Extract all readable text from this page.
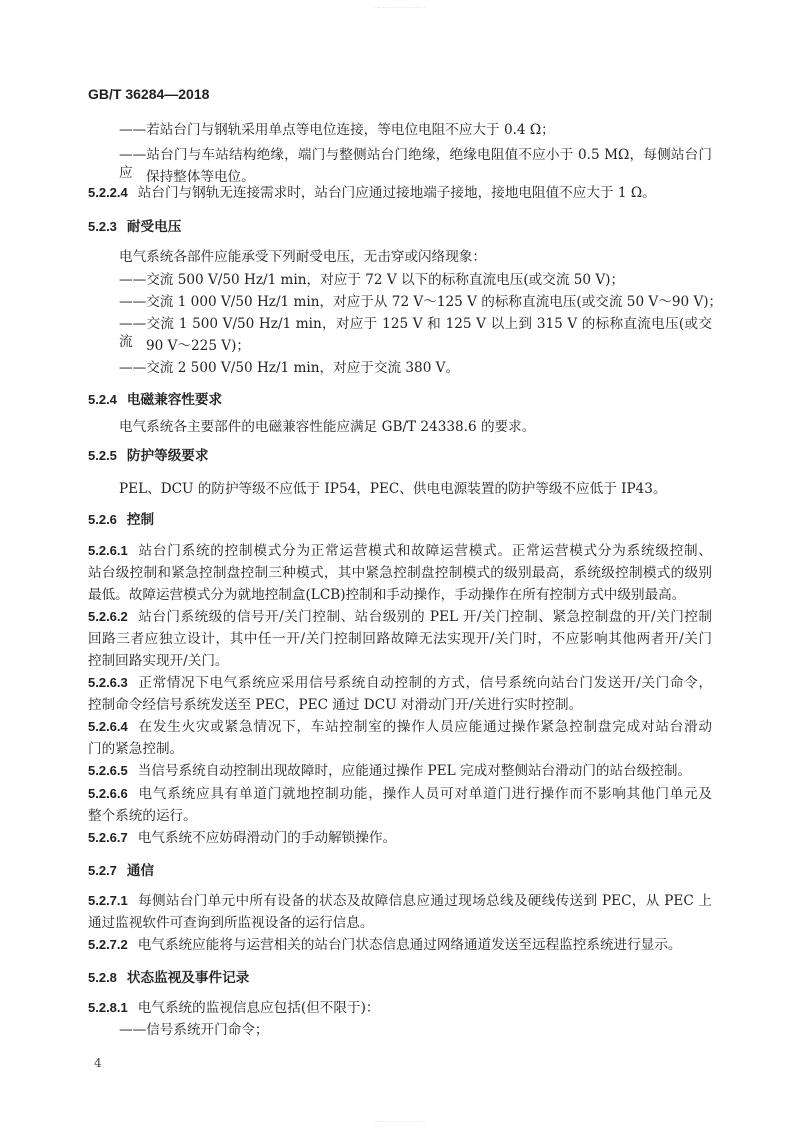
· · · · · · · · · · · · · · · · · · · ·
GB/T 36284—2018
——若站台门与钢轨采用单点等电位连接，等电位电阻不应大于 0.4 Ω；
——站台门与车站结构绝缘，端门与整侧站台门绝缘，绝缘电阻值不应小于 0.5 MΩ，每侧站台门应 保持整体等电位。
5.2.2.4 站台门与钢轨无连接需求时，站台门应通过接地端子接地，接地电阻值不应大于 1 Ω。
5.2.3 耐受电压
电气系统各部件应能承受下列耐受电压，无击穿或闪络现象：
——交流 500 V/50 Hz/1 min，对应于 72 V 以下的标称直流电压(或交流 50 V)；
——交流 1 000 V/50 Hz/1 min，对应于从 72 V～125 V 的标称直流电压(或交流 50 V～90 V)；
——交流 1 500 V/50 Hz/1 min，对应于 125 V 和 125 V 以上到 315 V 的标称直流电压(或交流 90 V～225 V)；
——交流 2 500 V/50 Hz/1 min，对应于交流 380 V。
5.2.4 电磁兼容性要求
电气系统各主要部件的电磁兼容性能应满足 GB/T 24338.6 的要求。
5.2.5 防护等级要求
PEL、DCU 的防护等级不应低于 IP54，PEC、供电电源装置的防护等级不应低于 IP43。
5.2.6 控制
5.2.6.1 站台门系统的控制模式分为正常运营模式和故障运营模式。正常运营模式分为系统级控制、
站台级控制和紧急控制盘控制三种模式，其中紧急控制盘控制模式的级别最高，系统级控制模式的级别
最低。故障运营模式分为就地控制盒(LCB)控制和手动操作，手动操作在所有控制方式中级别最高。
5.2.6.2 站台门系统级的信号开/关门控制、站台级别的 PEL 开/关门控制、紧急控制盘的开/关门控制
回路三者应独立设计，其中任一开/关门控制回路故障无法实现开/关门时，不应影响其他两者开/关门
控制回路实现开/关门。
5.2.6.3 正常情况下电气系统应采用信号系统自动控制的方式，信号系统向站台门发送开/关门命令，
控制命令经信号系统发送至 PEC，PEC 通过 DCU 对滑动门开/关进行实时控制。
5.2.6.4 在发生火灾或紧急情况下，车站控制室的操作人员应能通过操作紧急控制盘完成对站台滑动
门的紧急控制。
5.2.6.5 当信号系统自动控制出现故障时，应能通过操作 PEL 完成对整侧站台滑动门的站台级控制。
5.2.6.6 电气系统应具有单道门就地控制功能，操作人员可对单道门进行操作而不影响其他门单元及
整个系统的运行。
5.2.6.7 电气系统不应妨碍滑动门的手动解锁操作。
5.2.7 通信
5.2.7.1 每侧站台门单元中所有设备的状态及故障信息应通过现场总线及硬线传送到 PEC，从 PEC 上
通过监视软件可查询到所监视设备的运行信息。
5.2.7.2 电气系统应能将与运营相关的站台门状态信息通过网络通道发送至远程监控系统进行显示。
5.2.8 状态监视及事件记录
5.2.8.1 电气系统的监视信息应包括(但不限于)：
——信号系统开门命令；
4
· · · · · · · · · · · · · · · · · · · ·
